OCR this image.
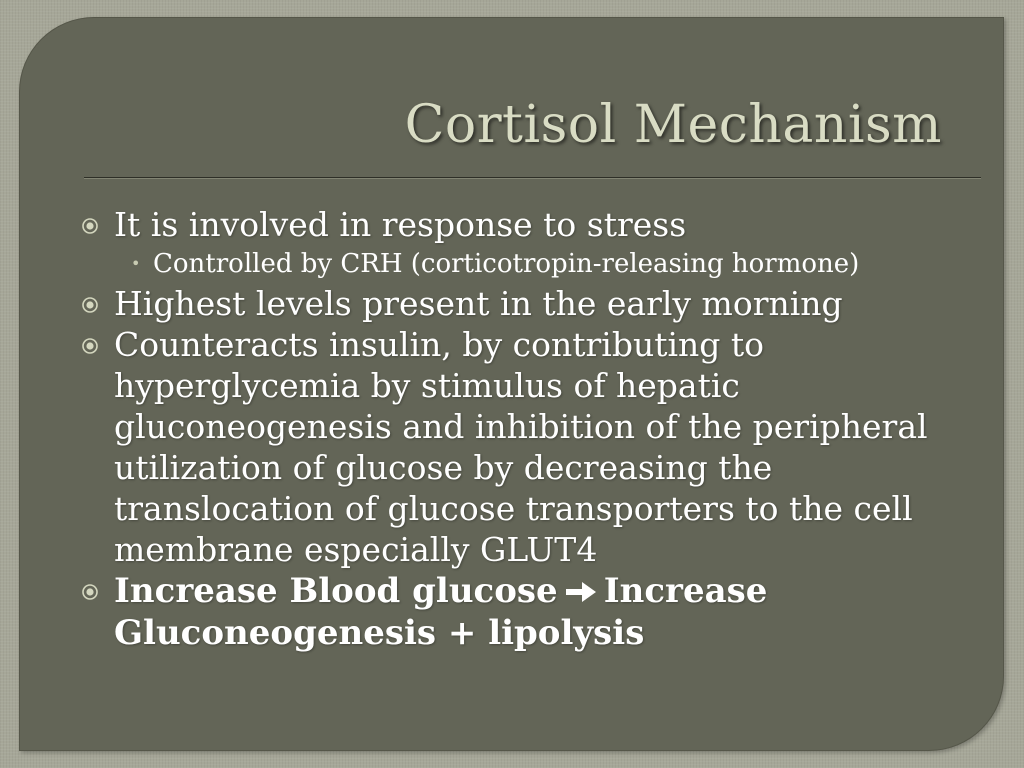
Cortisol Mechanism
It is involved in response to stress
• Controlled by CRH (corticotropin-releasing hormone)
Highest levels present in the early morning
Counteracts insulin, by contributing to hyperglycemia by stimulus of hepatic gluconeogenesis and inhibition of the peripheral utilization of glucose by decreasing the translocation of glucose transporters to the cell membrane especially GLUT4
Increase Blood glucose Increase Gluconeogenesis + lipolysis
